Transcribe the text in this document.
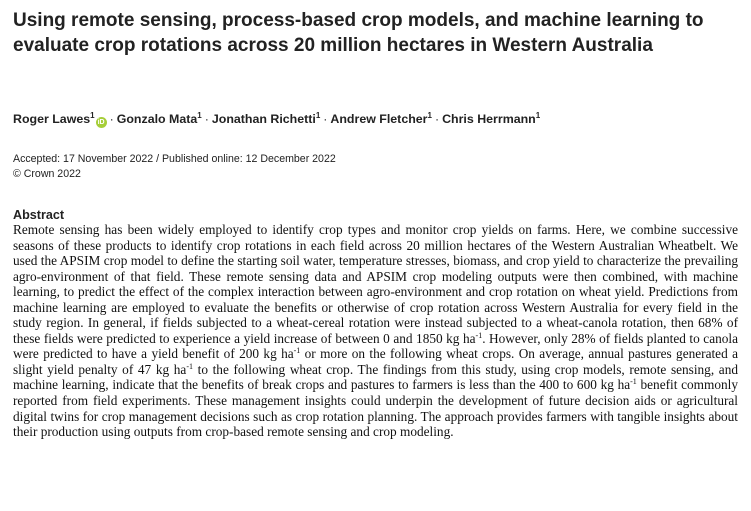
Using remote sensing, process-based crop models, and machine learning to evaluate crop rotations across 20 million hectares in Western Australia
Roger Lawes$^1$iD · Gonzalo Mata$^1$ · Jonathan Richetti$^1$ · Andrew Fletcher$^1$ · Chris Herrmann$^1$
Accepted: 17 November 2022 / Published online: 12 December 2022
© Crown 2022
Abstract

Remote sensing has been widely employed to identify crop types and monitor crop yields on farms. Here, we combine successive seasons of these products to identify crop rotations in each field across 20 million hectares of the Western Australian Wheatbelt. We used the APSIM crop model to define the starting soil water, temperature stresses, biomass, and crop yield to characterize the prevailing agro-environment of that field. These remote sensing data and APSIM crop modeling outputs were then combined, with machine learning, to predict the effect of the complex interaction between agro-environment and crop rotation on wheat yield. Predictions from machine learning are employed to evaluate the benefits or otherwise of crop rotation across Western Australia for every field in the study region. In general, if fields subjected to a wheat-cereal rotation were instead subjected to a wheat-canola rotation, then 68% of these fields were predicted to experience a yield increase of between 0 and 1850 kg $ha^{-1}$. However, only 28% of fields planted to canola were predicted to have a yield benefit of 200 kg $ha^{-1}$ or more on the following wheat crops. On average, annual pastures generated a slight yield penalty of 47 kg $ha^{-1}$ to the following wheat crop. The findings from this study, using crop models, remote sensing, and machine learning, indicate that the benefits of break crops and pastures to farmers is less than the 400 to 600 kg $ha^{-1}$ benefit commonly reported from field experiments. These management insights could underpin the development of future decision aids or agricultural digital twins for crop management decisions such as crop rotation planning. The approach provides farmers with tangible insights about their production using outputs from crop-based remote sensing and crop modeling.
